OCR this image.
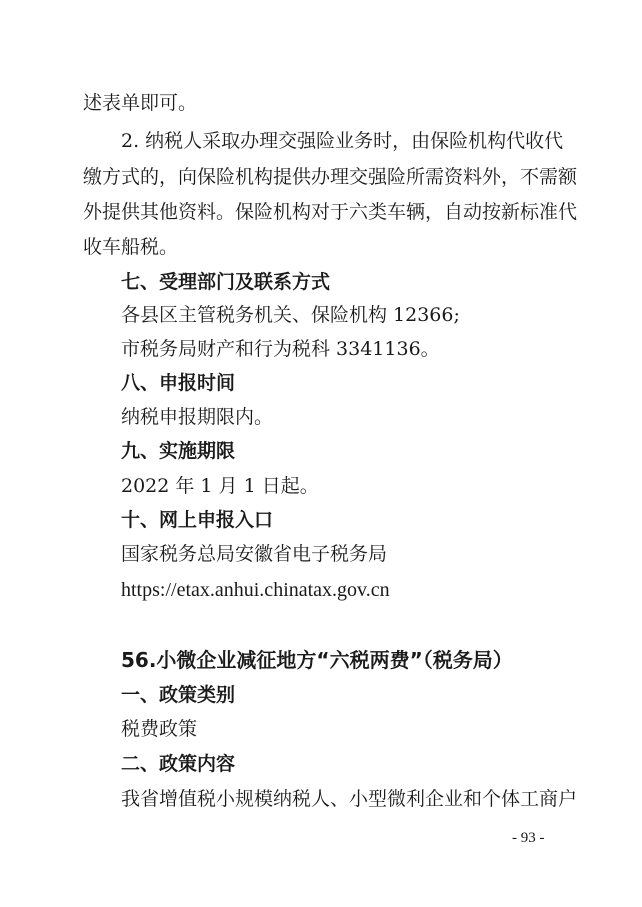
述表单即可。
2. 纳税人采取办理交强险业务时，由保险机构代收代
缴方式的，向保险机构提供办理交强险所需资料外，不需额
外提供其他资料。保险机构对于六类车辆，自动按新标准代
收车船税。
七、受理部门及联系方式
各县区主管税务机关、保险机构 12366;
市税务局财产和行为税科 3341136。
八、申报时间
纳税申报期限内。
九、实施期限
2022 年 1 月 1 日起。
十、网上申报入口
国家税务总局安徽省电子税务局
https://etax.anhui.chinatax.gov.cn
56.小微企业减征地方“六税两费”（税务局）
一、政策类别
税费政策
二、政策内容
我省增值税小规模纳税人、小型微利企业和个体工商户
- 93 -
